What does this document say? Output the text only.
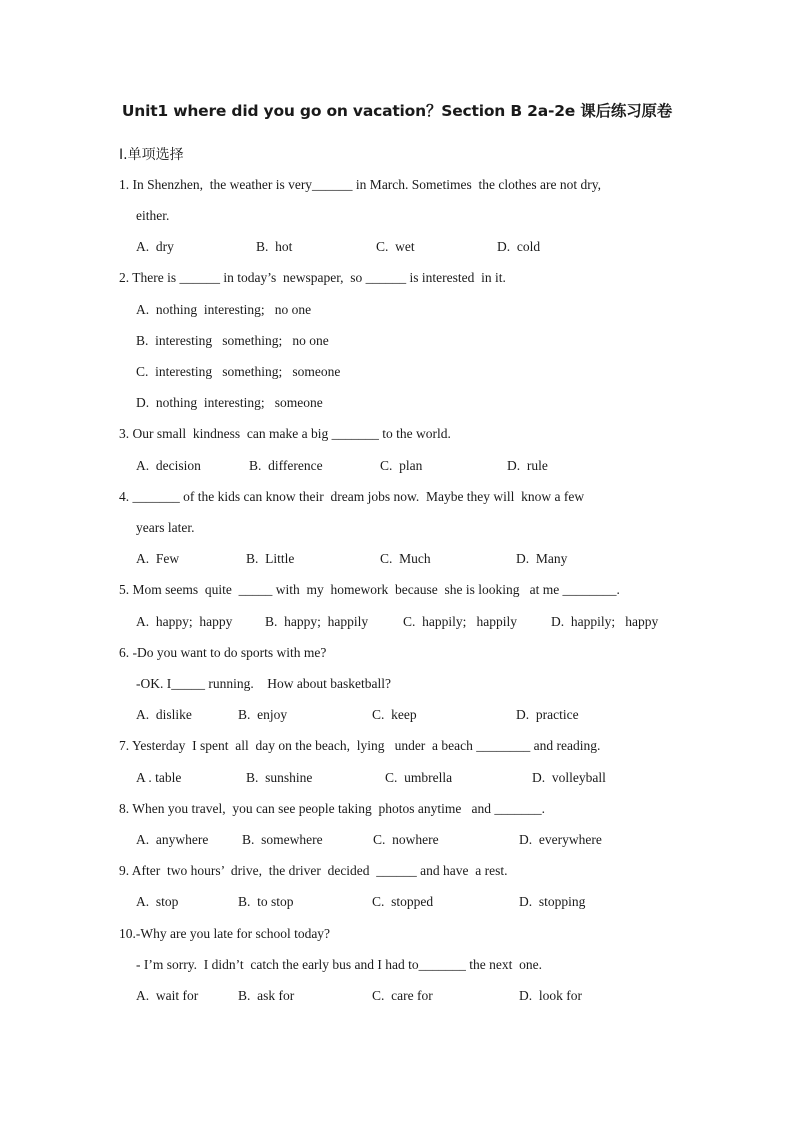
Unit1 where did you go on vacation？Section B 2a-2e 课后练习原卷
I.单项选择
1. In Shenzhen,  the weather is very______ in March. Sometimes  the clothes are not dry,
either.
A.  dry	B.  hot	C.  wet	D.  cold
2. There is ______ in today’s  newspaper,  so ______ is interested  in it.
A.  nothing  interesting;   no one
B.  interesting   something;   no one
C.  interesting   something;   someone
D.  nothing  interesting;   someone
3. Our small  kindness  can make a big _______ to the world.
A.  decision	B.  difference	C.  plan	D.  rule
4. _______ of the kids can know their  dream jobs now.  Maybe they will  know a few
years later.
A.  Few	B.  Little	C.  Much	D.  Many
5. Mom seems  quite  _____ with  my  homework  because  she is looking   at me ________.
A.  happy;  happy B.  happy;  happily	C.  happily;   happily	D.  happily;   happy
6. -Do you want to do sports with me?
-OK. I_____ running.    How about basketball?
A.  dislike	B.  enjoy	C.  keep	D.  practice
7. Yesterday  I spent  all  day on the beach,  lying   under  a beach ________ and reading.
A . table	B.  sunshine	C.  umbrella	D.  volleyball
8. When you travel,  you can see people taking  photos anytime   and _______.
A.  anywhere B.  somewhere	C.  nowhere	D.  everywhere
9. After  two hours’  drive,  the driver  decided  ______ and have  a rest.
A.  stop	B.  to stop	C.  stopped	D.  stopping
10.-Why are you late for school today?
- I’m sorry.  I didn’t  catch the early bus and I had to_______ the next  one.
A.  wait for	B.  ask for	C.  care for	D.  look for
